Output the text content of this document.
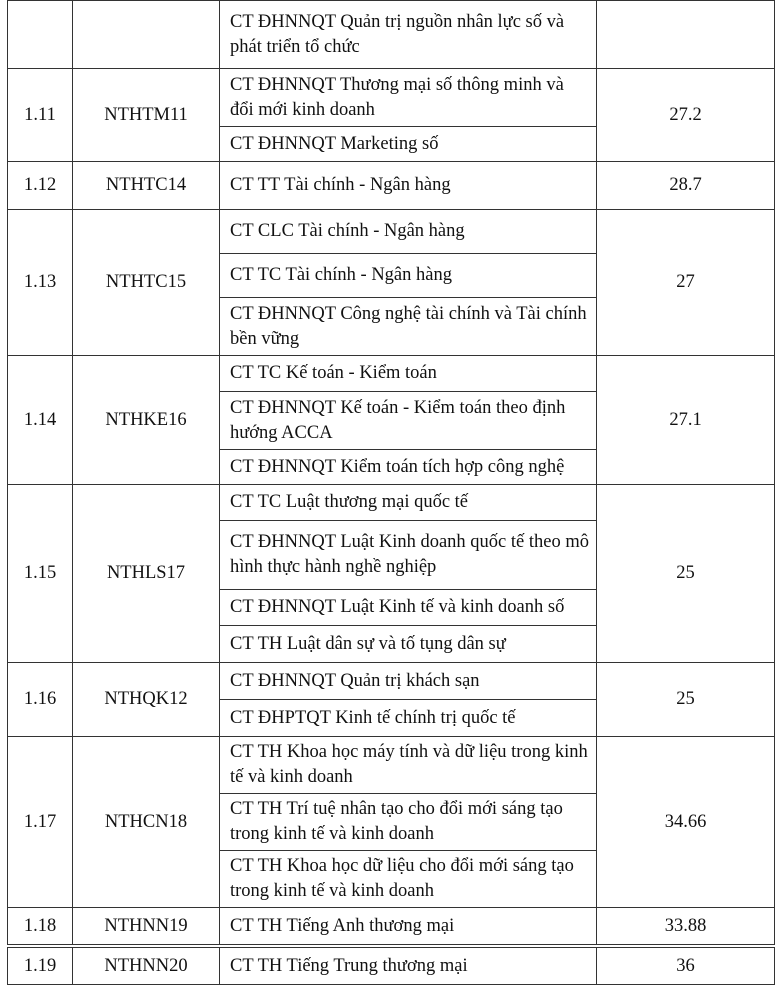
CT ĐHNNQT Quản trị nguồn nhân lực số và phát triển tổ chức	

1.11	NTHTM11	CT ĐHNNQT Thương mại số thông minh và đổi mới kinh doanh	27.2

CT ĐHNNQT Marketing số	

1.12	NTHTC14	CT TT Tài chính - Ngân hàng	28.7
1.13	NTHTC15	CT CLC Tài chính - Ngân hàng	27

CT TC Tài chính - Ngân hàng	

CT ĐHNNQT Công nghệ tài chính và Tài chính bền vững	

1.14	NTHKE16	CT TC Kế toán - Kiểm toán	27.1

CT ĐHNNQT Kế toán - Kiểm toán theo định hướng ACCA	

CT ĐHNNQT Kiểm toán tích hợp công nghệ	

1.15	NTHLS17	CT TC Luật thương mại quốc tế	25

CT ĐHNNQT Luật Kinh doanh quốc tế theo mô hình thực hành nghề nghiệp	

CT ĐHNNQT Luật Kinh tế và kinh doanh số	

CT TH Luật dân sự và tố tụng dân sự	

1.16	NTHQK12	CT ĐHNNQT Quản trị khách sạn	25

CT ĐHPTQT Kinh tế chính trị quốc tế	

1.17	NTHCN18	CT TH Khoa học máy tính và dữ liệu trong kinh tế và kinh doanh	34.66

CT TH Trí tuệ nhân tạo cho đổi mới sáng tạo trong kinh tế và kinh doanh	

CT TH Khoa học dữ liệu cho đổi mới sáng tạo trong kinh tế và kinh doanh	

1.18	NTHNN19	CT TH Tiếng Anh thương mại	33.88
1.19	NTHNN20	CT TH Tiếng Trung thương mại	36
